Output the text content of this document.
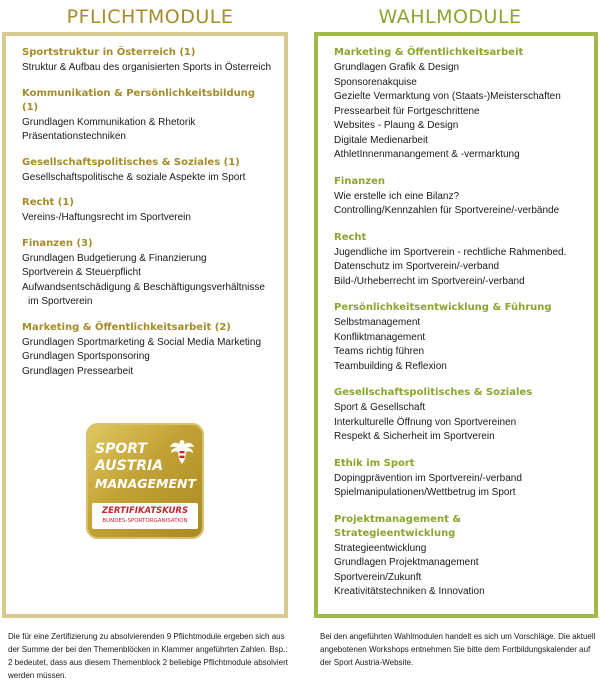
PFLICHTMODULE	WAHLMODULE
Sportstruktur in Österreich (1)
Struktur & Aufbau des organisierten Sports in Österreich
Kommunikation & Persönlichkeitsbildung (1)
Grundlagen Kommunikation & Rhetorik
Präsentationstechniken
Gesellschaftspolitisches & Soziales (1)
Gesellschaftspolitische & soziale Aspekte im Sport
Recht (1)
Vereins-/Haftungsrecht im Sportverein
Finanzen (3)
Grundlagen Budgetierung & Finanzierung
Sportverein & Steuerpflicht
Aufwandsentschädigung & Beschäftigungsverhältnisse im Sportverein
Marketing & Öffentlichkeitsarbeit (2)
Grundlagen Sportmarketing & Social Media Marketing
Grundlagen Sportsponsoring
Grundlagen Pressearbeit
Marketing & Öffentlichkeitsarbeit
Grundlagen Grafik & Design
Sponsorenakquise
Gezielte Vermarktung von (Staats-)Meisterschaften
Pressearbeit für Fortgeschrittene
Websites - Plaung & Design
Digitale Medienarbeit
AthletInnenmanangement & -vermarktung
Finanzen
Wie erstelle ich eine Bilanz?
Controlling/Kennzahlen für Sportvereine/-verbände
Recht
Jugendliche im Sportverein - rechtliche Rahmenbed.
Datenschutz im Sportverein/-verband
Bild-/Urheberrecht im Sportverein/-verband
Persönlichkeitsentwicklung & Führung
Selbstmanagement
Konfliktmanagement
Teams richtig führen
Teambuilding & Reflexion
Gesellschaftspolitisches & Soziales
Sport & Gesellschaft
Interkulturelle Öffnung von Sportvereinen
Respekt & Sicherheit im Sportverein
Ethik im Sport
Dopingprävention im Sportverein/-verband
Spielmanipulationen/Wettbetrug im Sport
Projektmanagement & Strategieentwicklung
Strategieentwicklung
Grundlagen Projektmanagement
Sportverein/Zukunft
Kreativitätstechniken & Innovation
SPORT
AUSTRIA
MANAGEMENT
ZERTIFIKATSKURS
BUNDES-SPORTORGANISATION
Die für eine Zertifizierung zu absolvierenden 9 Pflichtmodule ergeben sich aus der Summe der bei den Themenblöcken in Klammer angeführten Zahlen. Bsp.: 2 bedeutet, dass aus diesem Themenblock 2 beliebige Pflichtmodule absolviert werden müssen.
Bei den angeführten Wahlmodulen handelt es sich um Vorschläge. Die aktuell angebotenen Workshops entnehmen Sie bitte dem Fortbildungskalender auf der Sport Austria-Website.
